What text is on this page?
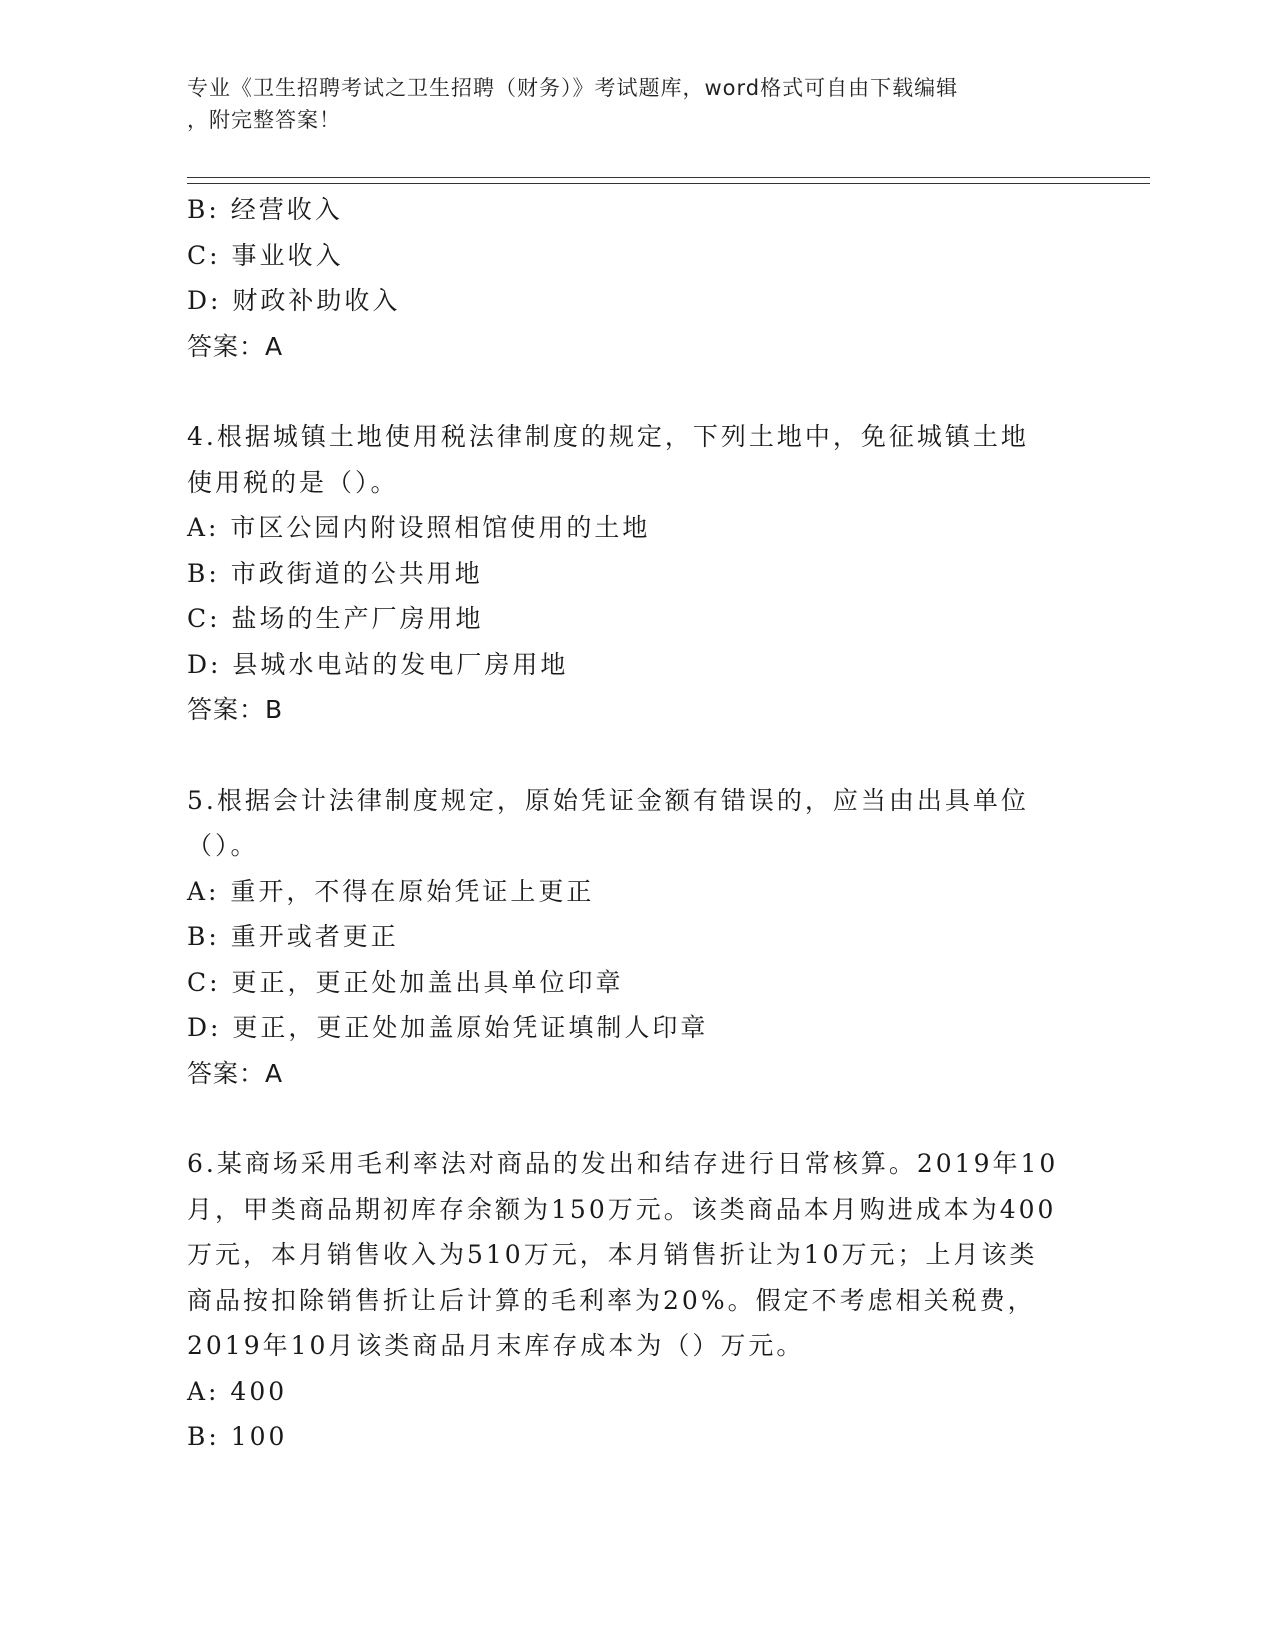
专业《卫生招聘考试之卫生招聘（财务）》考试题库，word格式可自由下载编辑
，附完整答案！
B: 经营收入
C: 事业收入
D: 财政补助收入
答案：A
4.根据城镇土地使用税法律制度的规定，下列土地中，免征城镇土地
使用税的是（）。
A: 市区公园内附设照相馆使用的土地
B: 市政街道的公共用地
C: 盐场的生产厂房用地
D: 县城水电站的发电厂房用地
答案：B
5.根据会计法律制度规定，原始凭证金额有错误的，应当由出具单位
（）。
A: 重开，不得在原始凭证上更正
B: 重开或者更正
C: 更正，更正处加盖出具单位印章
D: 更正，更正处加盖原始凭证填制人印章
答案：A
6.某商场采用毛利率法对商品的发出和结存进行日常核算。2019年10
月，甲类商品期初库存余额为150万元。该类商品本月购进成本为400
万元，本月销售收入为510万元，本月销售折让为10万元；上月该类
商品按扣除销售折让后计算的毛利率为20%。假定不考虑相关税费，
2019年10月该类商品月末库存成本为（）万元。
A: 400
B: 100
